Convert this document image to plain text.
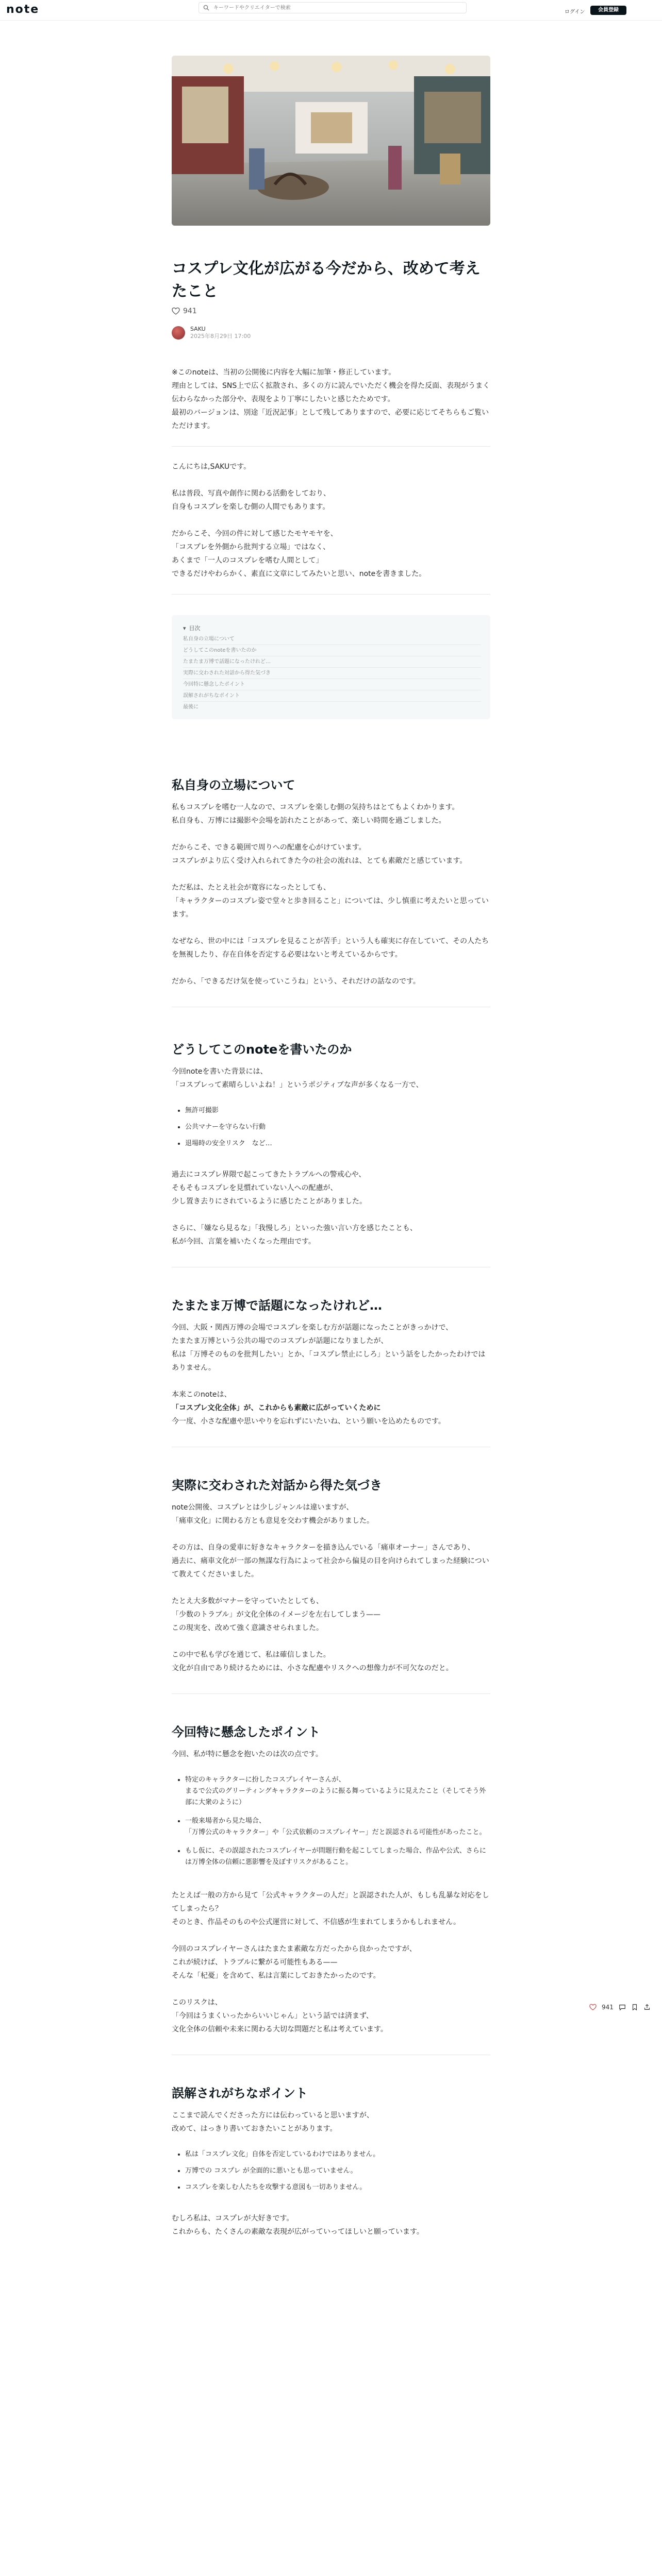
note
キーワードやクリエイターで検索	ログイン	会員登録
コスプレ文化が広がる今だから、改めて考えたこと
941
SAKU
2025年8月29日 17:00
※このnoteは、当初の公開後に内容を大幅に加筆・修正しています。
理由としては、SNS上で広く拡散され、多くの方に読んでいただく機会を得た反面、表現がうまく伝わらなかった部分や、表現をより丁寧にしたいと感じたためです。
最初のバージョンは、別途「近況記事」として残してありますので、必要に応じてそちらもご覧いただけます。
こんにちは,SAKUです。
私は普段、写真や創作に関わる活動をしており、
自身もコスプレを楽しむ側の人間でもあります。
だからこそ、今回の件に対して感じたモヤモヤを、
「コスプレを外側から批判する立場」ではなく、
あくまで「一人のコスプレを嗜む人間として」
できるだけやわらかく、素直に文章にしてみたいと思い、noteを書きました。
▾ 目次
私自身の立場について
どうしてこのnoteを書いたのか
たまたま万博で話題になったけれど…
実際に交わされた対話から得た気づき
今回特に懸念したポイント
誤解されがちなポイント
最後に
私自身の立場について
私もコスプレを嗜む一人なので、コスプレを楽しむ側の気持ちはとてもよくわかります。
私自身も、万博には撮影や会場を訪れたことがあって、楽しい時間を過ごしました。
だからこそ、できる範囲で周りへの配慮を心がけています。
コスプレがより広く受け入れられてきた今の社会の流れは、とても素敵だと感じています。
ただ私は、たとえ社会が寛容になったとしても、
「キャラクターのコスプレ姿で堂々と歩き回ること」については、少し慎重に考えたいと思っています。
なぜなら、世の中には「コスプレを見ることが苦手」という人も確実に存在していて、その人たちを無視したり、存在自体を否定する必要はないと考えているからです。
だから、「できるだけ気を使っていこうね」という、それだけの話なのです。
どうしてこのnoteを書いたのか
今回noteを書いた背景には、
「コスプレって素晴らしいよね！」というポジティブな声が多くなる一方で、
• 無許可撮影
• 公共マナーを守らない行動
• 退場時の安全リスク　など…
過去にコスプレ界隈で起こってきたトラブルへの警戒心や、
そもそもコスプレを見慣れていない人への配慮が、
少し置き去りにされているように感じたことがありました。
さらに、「嫌なら見るな」「我慢しろ」といった強い言い方を感じたことも、
私が今回、言葉を補いたくなった理由です。
たまたま万博で話題になったけれど…
今回、大阪・関西万博の会場でコスプレを楽しむ方が話題になったことがきっかけで、
たまたま万博という公共の場でのコスプレが話題になりましたが、
私は「万博そのものを批判したい」とか、「コスプレ禁止にしろ」という話をしたかったわけではありません。
本来このnoteは、
「コスプレ文化全体」が、これからも素敵に広がっていくために
今一度、小さな配慮や思いやりを忘れずにいたいね、という願いを込めたものです。
実際に交わされた対話から得た気づき
note公開後、コスプレとは少しジャンルは違いますが、
「痛車文化」に関わる方とも意見を交わす機会がありました。
その方は、自身の愛車に好きなキャラクターを描き込んでいる「痛車オーナー」さんであり、
過去に、痛車文化が一部の無謀な行為によって社会から偏見の目を向けられてしまった経験について教えてくださいました。
たとえ大多数がマナーを守っていたとしても、
「少数のトラブル」が文化全体のイメージを左右してしまう——
この現実を、改めて強く意識させられました。
この中で私も学びを通じて、私は確信しました。
文化が自由であり続けるためには、小さな配慮やリスクへの想像力が不可欠なのだと。
今回特に懸念したポイント
今回、私が特に懸念を抱いたのは次の点です。
• 特定のキャラクターに扮したコスプレイヤーさんが、
まるで公式のグリーティングキャラクターのように振る舞っているように見えたこと（そしてそう外部に大衆のように）
• 一般来場者から見た場合、
「万博公式のキャラクター」や「公式依頼のコスプレイヤー」だと誤認される可能性があったこと。
• もし仮に、その誤認されたコスプレイヤーが問題行動を起こしてしまった場合、作品や公式、さらには万博全体の信頼に悪影響を及ぼすリスクがあること。
たとえば一般の方から見て「公式キャラクターの人だ」と誤認された人が、もしも乱暴な対応をしてしまったら？
そのとき、作品そのものや公式運営に対して、不信感が生まれてしまうかもしれません。
今回のコスプレイヤーさんはたまたま素敵な方だったから良かったですが、
これが続けば、トラブルに繋がる可能性もある——
そんな「杞憂」を含めて、私は言葉にしておきたかったのです。
このリスクは、
「今回はうまくいったからいいじゃん」という話では済まず、
文化全体の信頼や未来に関わる大切な問題だと私は考えています。
誤解されがちなポイント
ここまで読んでくださった方には伝わっていると思いますが、
改めて、はっきり書いておきたいことがあります。
• 私は「コスプレ文化」自体を否定しているわけではありません。
• 万博での コスプレ が全面的に悪いとも思っていません。
• コスプレを楽しむ人たちを攻撃する意図も一切ありません。
むしろ私は、コスプレが大好きです。
これからも、たくさんの素敵な表現が広がっていってほしいと願っています。
941
